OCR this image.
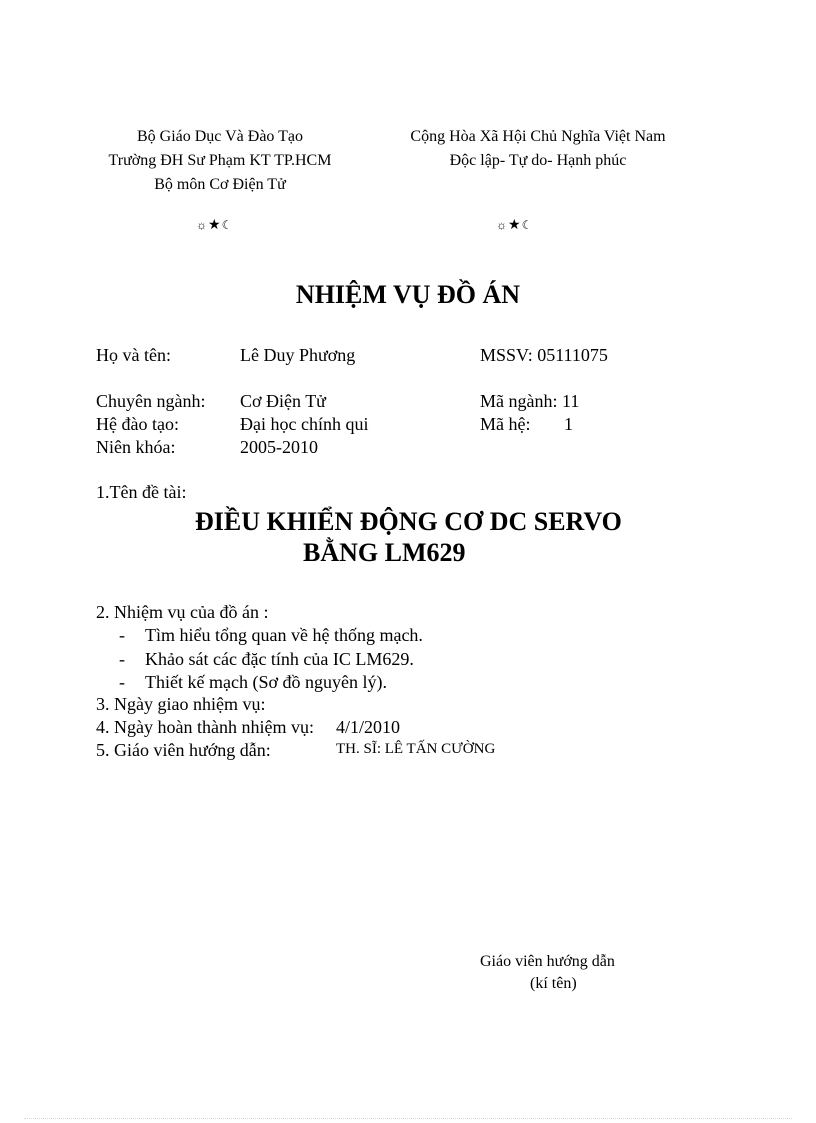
Bộ Giáo Dục Và Đào Tạo
Trường ĐH Sư Phạm KT TP.HCM
Bộ môn Cơ Điện Tử
☼★☾
Cộng Hòa Xã Hội Chủ Nghĩa Việt Nam
Độc lập- Tự do- Hạnh phúc
☼★☾
NHIỆM VỤ ĐỒ ÁN
Họ và tên:	Lê Duy Phương	MSSV: 05111075
Chuyên ngành: Cơ Điện Tử	Mã ngành: 11
Hệ đào tạo:	Đại học chính qui	Mã hệ: 1
Niên khóa:	2005-2010
1.Tên đề tài:
ĐIỀU KHIỂN ĐỘNG CƠ DC SERVO
BẰNG LM629
2. Nhiệm vụ của đồ án :
- Tìm hiểu tổng quan về hệ thống mạch.
- Khảo sát các đặc tính của IC LM629.
- Thiết kế mạch (Sơ đồ nguyên lý).
3. Ngày giao nhiệm vụ:
4. Ngày hoàn thành nhiệm vụ: 4/1/2010
5. Giáo viên hướng dẫn:	TH. SĨ: LÊ TẤN CƯỜNG
Giáo viên hướng dẫn
(kí tên)
